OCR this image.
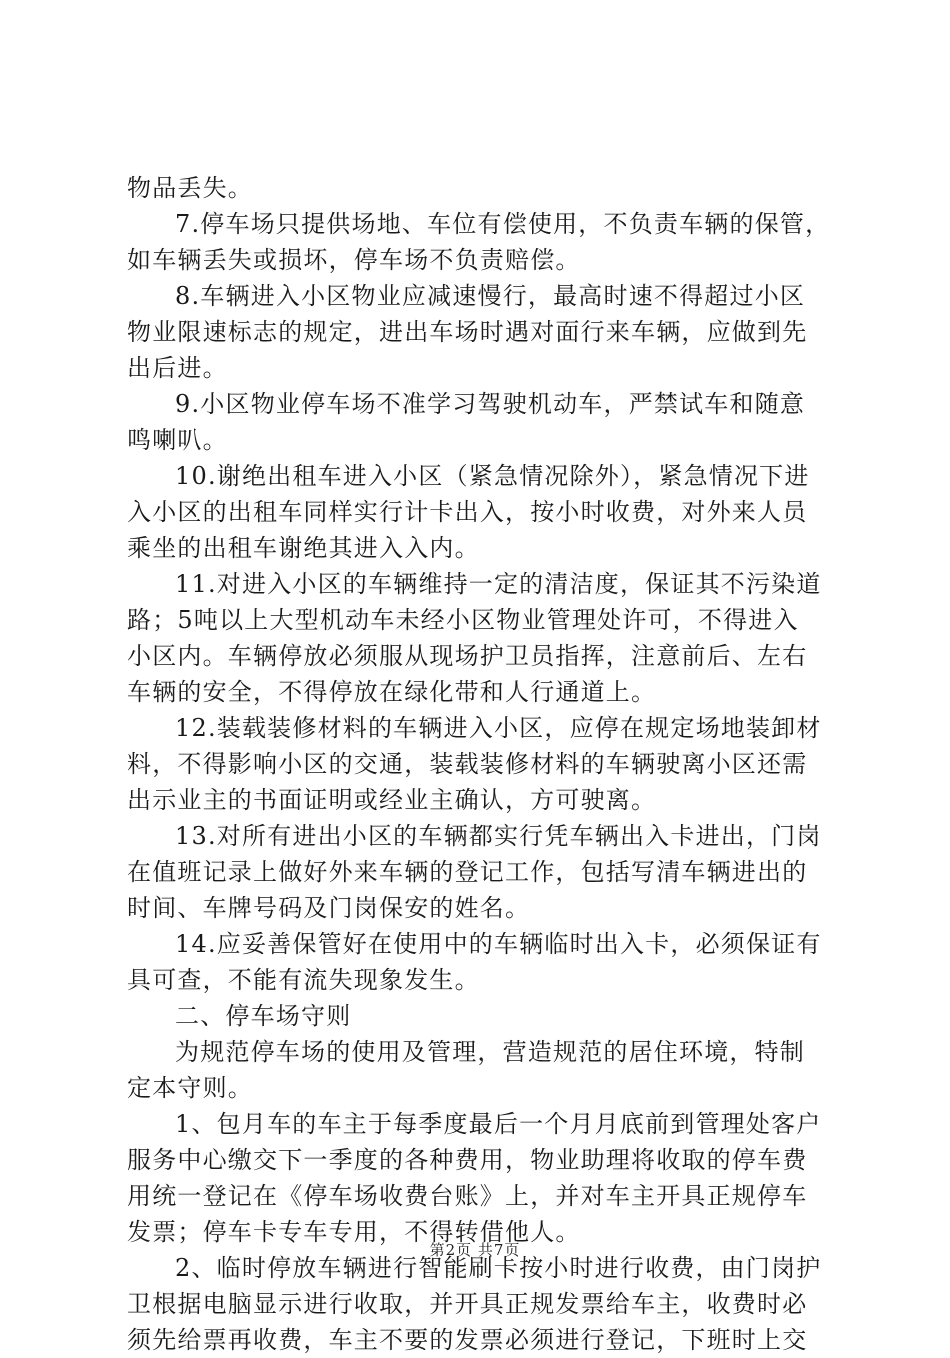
物品丢失。
7.停车场只提供场地、车位有偿使用，不负责车辆的保管，
如车辆丢失或损坏，停车场不负责赔偿。
8.车辆进入小区物业应减速慢行，最高时速不得超过小区
物业限速标志的规定，进出车场时遇对面行来车辆，应做到先
出后进。
9.小区物业停车场不准学习驾驶机动车，严禁试车和随意
鸣喇叭。
10.谢绝出租车进入小区（紧急情况除外），紧急情况下进
入小区的出租车同样实行计卡出入，按小时收费，对外来人员
乘坐的出租车谢绝其进入入内。
11.对进入小区的车辆维持一定的清洁度，保证其不污染道
路；5吨以上大型机动车未经小区物业管理处许可，不得进入
小区内。车辆停放必须服从现场护卫员指挥，注意前后、左右
车辆的安全，不得停放在绿化带和人行通道上。
12.装载装修材料的车辆进入小区，应停在规定场地装卸材
料，不得影响小区的交通，装载装修材料的车辆驶离小区还需
出示业主的书面证明或经业主确认，方可驶离。
13.对所有进出小区的车辆都实行凭车辆出入卡进出，门岗
在值班记录上做好外来车辆的登记工作，包括写清车辆进出的
时间、车牌号码及门岗保安的姓名。
14.应妥善保管好在使用中的车辆临时出入卡，必须保证有
具可查，不能有流失现象发生。
二、停车场守则
为规范停车场的使用及管理，营造规范的居住环境，特制
定本守则。
1、包月车的车主于每季度最后一个月月底前到管理处客户
服务中心缴交下一季度的各种费用，物业助理将收取的停车费
用统一登记在《停车场收费台账》上，并对车主开具正规停车
发票；停车卡专车专用，不得转借他人。
2、临时停放车辆进行智能刷卡按小时进行收费，由门岗护
卫根据电脑显示进行收取，并开具正规发票给车主，收费时必
须先给票再收费，车主不要的发票必须进行登记，下班时上交
第2页 共7页
